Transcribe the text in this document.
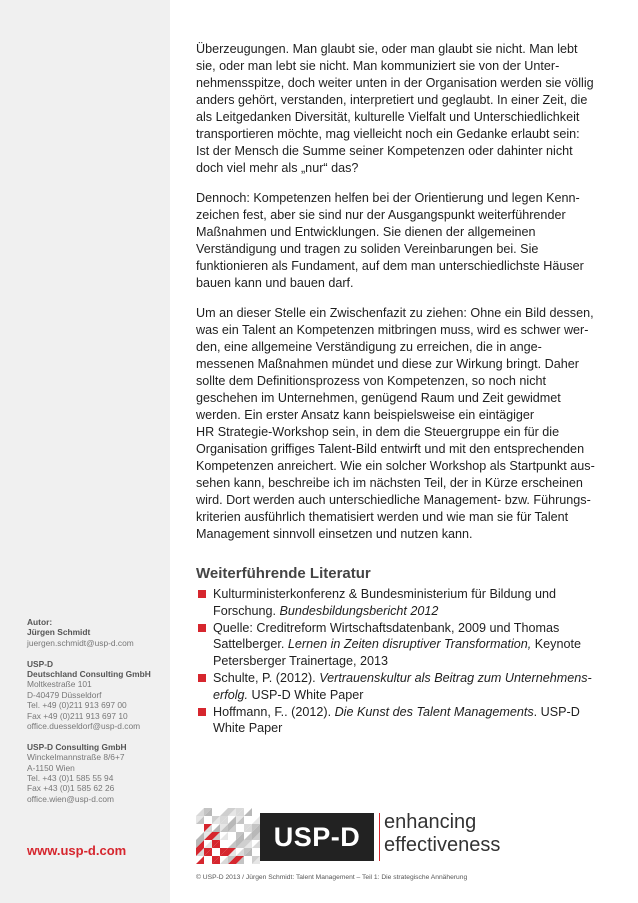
Autor:
Jürgen Schmidt
juergen.schmidt@usp-d.com
USP-D
Deutschland Consulting GmbH
Moltkestraße 101
D-40479 Düsseldorf
Tel. +49 (0)211 913 697 00
Fax +49 (0)211 913 697 10
office.duesseldorf@usp-d.com
USP-D Consulting GmbH
Winckelmannstraße 8/6+7
A-1150 Wien
Tel. +43 (0)1 585 55 94
Fax +43 (0)1 585 62 26
office.wien@usp-d.com
www.usp-d.com

Überzeugungen. Man glaubt sie, oder man glaubt sie nicht. Man lebt
sie, oder man lebt sie nicht. Man kommuniziert sie von der Unter-
nehmensspitze, doch weiter unten in der Organisation werden sie völlig
anders gehört, verstanden, interpretiert und geglaubt. In einer Zeit, die
als Leitgedanken Diversität, kulturelle Vielfalt und Unterschiedlichkeit
transportieren möchte, mag vielleicht noch ein Gedanke erlaubt sein:
Ist der Mensch die Summe seiner Kompetenzen oder dahinter nicht
doch viel mehr als „nur“ das?

Dennoch: Kompetenzen helfen bei der Orientierung und legen Kenn-
zeichen fest, aber sie sind nur der Ausgangspunkt weiterführender
Maßnahmen und Entwicklungen. Sie dienen der allgemeinen
Verständigung und tragen zu soliden Vereinbarungen bei. Sie
funktionieren als Fundament, auf dem man unterschiedlichste Häuser
bauen kann und bauen darf.

Um an dieser Stelle ein Zwischenfazit zu ziehen: Ohne ein Bild dessen,
was ein Talent an Kompetenzen mitbringen muss, wird es schwer wer-
den, eine allgemeine Verständigung zu erreichen, die in ange-
messenen Maßnahmen mündet und diese zur Wirkung bringt. Daher
sollte dem Definitionsprozess von Kompetenzen, so noch nicht
geschehen im Unternehmen, genügend Raum und Zeit gewidmet
werden. Ein erster Ansatz kann beispielsweise ein eintägiger
HR Strategie-Workshop sein, in dem die Steuergruppe ein für die
Organisation griffiges Talent-Bild entwirft und mit den entsprechenden
Kompetenzen anreichert. Wie ein solcher Workshop als Startpunkt aus-
sehen kann, beschreibe ich im nächsten Teil, der in Kürze erscheinen
wird. Dort werden auch unterschiedliche Management- bzw. Führungs-
kriterien ausführlich thematisiert werden und wie man sie für Talent
Management sinnvoll einsetzen und nutzen kann.

Weiterführende Literatur
Kulturministerkonferenz & Bundesministerium für Bildung und
Forschung. Bundesbildungsbericht 2012
Quelle: Creditreform Wirtschaftsdatenbank, 2009 und Thomas
Sattelberger. Lernen in Zeiten disruptiver Transformation, Keynote
Petersberger Trainertage, 2013
Schulte, P. (2012). Vertrauenskultur als Beitrag zum Unternehmens-
erfolg. USP-D White Paper
Hoffmann, F.. (2012). Die Kunst des Talent Managements. USP-D
White Paper
USP-D	enhancing
effectiveness
© USP-D 2013 / Jürgen Schmidt: Talent Management – Teil 1: Die strategische Annäherung
